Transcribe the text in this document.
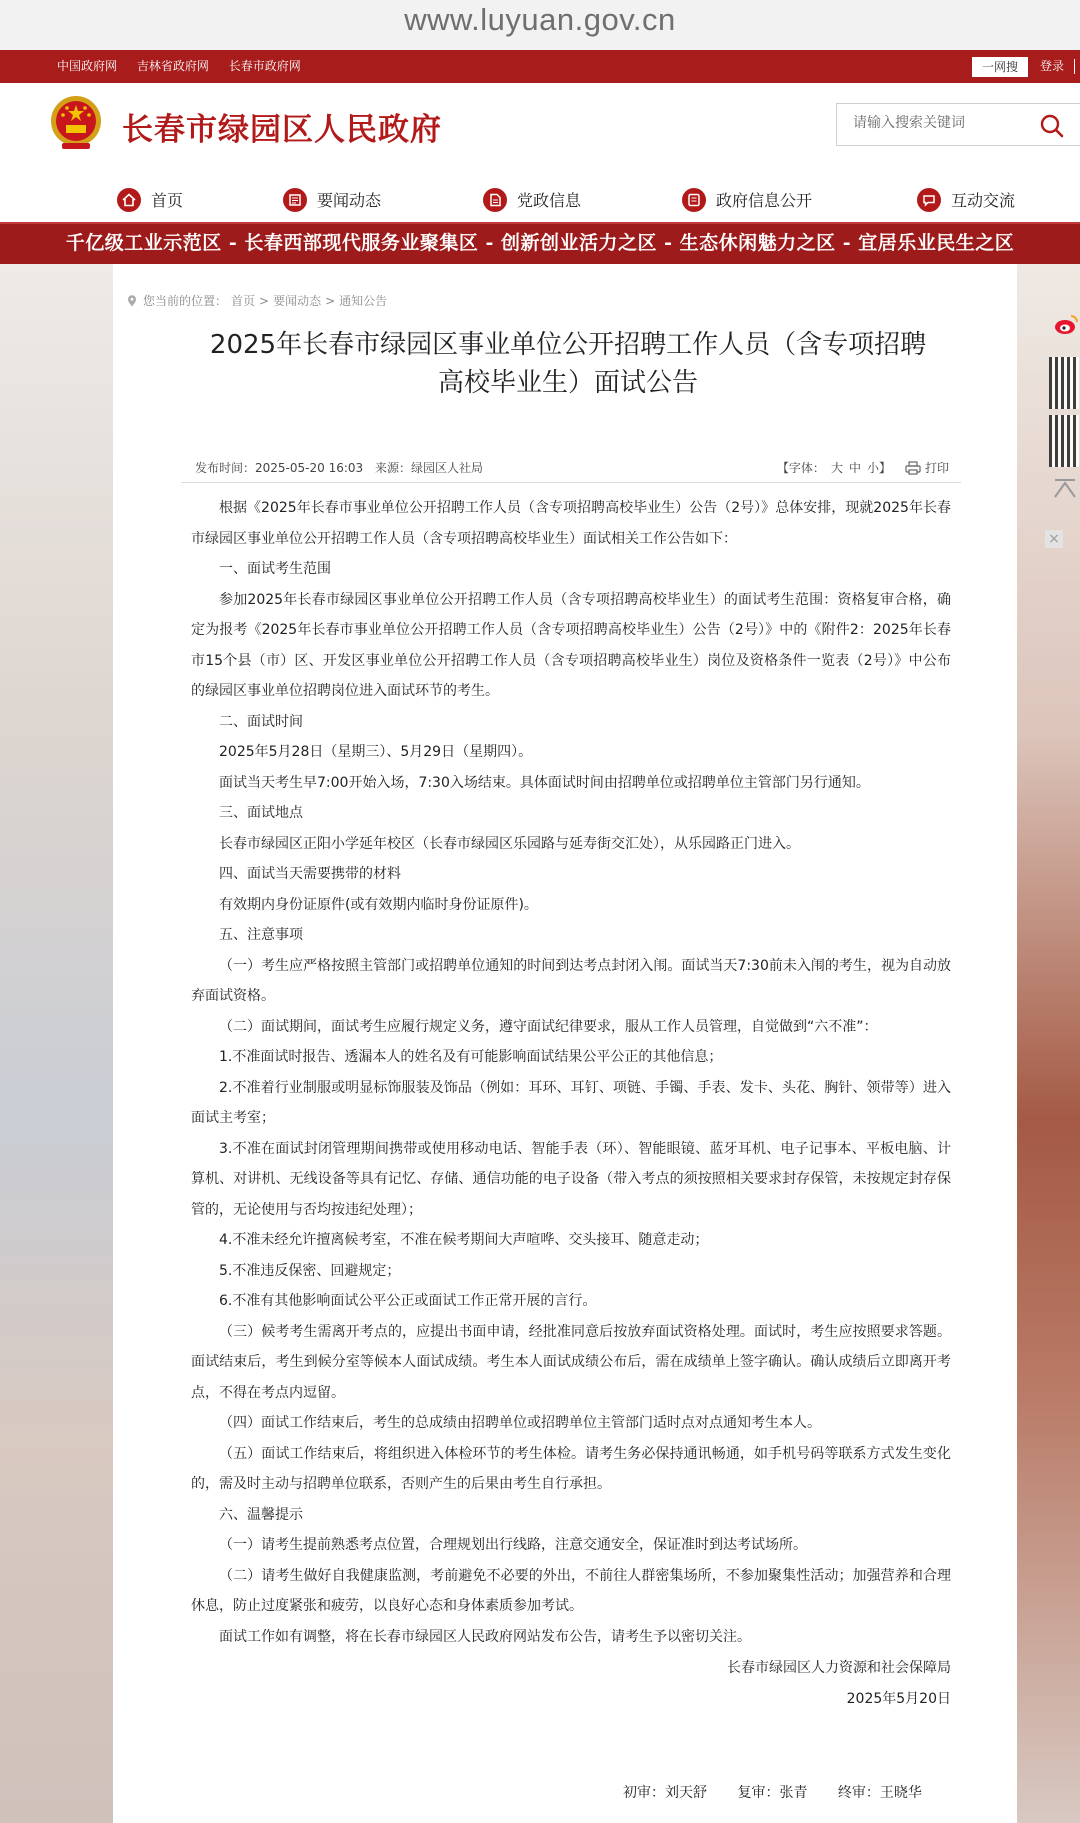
www.luyuan.gov.cn
中国政府网 吉林省政府网 长春市政府网	一网搜	登录
长春市绿园区人民政府
请输入搜索关键词
首页	要闻动态	党政信息	政府信息公开	互动交流
千亿级工业示范区 - 长春西部现代服务业聚集区 - 创新创业活力之区 - 生态休闲魅力之区 - 宜居乐业民生之区
您当前的位置： 首页 > 要闻动态 > 通知公告
2025年长春市绿园区事业单位公开招聘工作人员（含专项招聘
高校毕业生）面试公告
发布时间：2025-05-20 16:03 来源：绿园区人社局	【字体： 大 中 小】	打印

根据《2025年长春市事业单位公开招聘工作人员（含专项招聘高校毕业生）公告（2号）》总体安排，现就2025年长春市绿园区事业单位公开招聘工作人员（含专项招聘高校毕业生）面试相关工作公告如下：

一、面试考生范围

参加2025年长春市绿园区事业单位公开招聘工作人员（含专项招聘高校毕业生）的面试考生范围：资格复审合格，确定为报考《2025年长春市事业单位公开招聘工作人员（含专项招聘高校毕业生）公告（2号）》中的《附件2：2025年长春市15个县（市）区、开发区事业单位公开招聘工作人员（含专项招聘高校毕业生）岗位及资格条件一览表（2号）》中公布的绿园区事业单位招聘岗位进入面试环节的考生。

二、面试时间

2025年5月28日（星期三）、5月29日（星期四）。

面试当天考生早7:00开始入场，7:30入场结束。具体面试时间由招聘单位或招聘单位主管部门另行通知。

三、面试地点

长春市绿园区正阳小学延年校区（长春市绿园区乐园路与延寿街交汇处），从乐园路正门进入。

四、面试当天需要携带的材料

有效期内身份证原件(或有效期内临时身份证原件)。

五、注意事项

（一）考生应严格按照主管部门或招聘单位通知的时间到达考点封闭入闱。面试当天7:30前未入闱的考生，视为自动放弃面试资格。

（二）面试期间，面试考生应履行规定义务，遵守面试纪律要求，服从工作人员管理，自觉做到“六不准”：

1.不准面试时报告、透漏本人的姓名及有可能影响面试结果公平公正的其他信息；

2.不准着行业制服或明显标饰服装及饰品（例如：耳环、耳钉、项链、手镯、手表、发卡、头花、胸针、领带等）进入面试主考室；

3.不准在面试封闭管理期间携带或使用移动电话、智能手表（环）、智能眼镜、蓝牙耳机、电子记事本、平板电脑、计算机、对讲机、无线设备等具有记忆、存储、通信功能的电子设备（带入考点的须按照相关要求封存保管，未按规定封存保管的，无论使用与否均按违纪处理）；

4.不准未经允许擅离候考室，不准在候考期间大声喧哗、交头接耳、随意走动；

5.不准违反保密、回避规定；

6.不准有其他影响面试公平公正或面试工作正常开展的言行。

（三）候考考生需离开考点的，应提出书面申请，经批准同意后按放弃面试资格处理。面试时，考生应按照要求答题。面试结束后，考生到候分室等候本人面试成绩。考生本人面试成绩公布后，需在成绩单上签字确认。确认成绩后立即离开考点，不得在考点内逗留。

（四）面试工作结束后，考生的总成绩由招聘单位或招聘单位主管部门适时点对点通知考生本人。

（五）面试工作结束后，将组织进入体检环节的考生体检。请考生务必保持通讯畅通，如手机号码等联系方式发生变化的，需及时主动与招聘单位联系，否则产生的后果由考生自行承担。

六、温馨提示

（一）请考生提前熟悉考点位置，合理规划出行线路，注意交通安全，保证准时到达考试场所。

（二）请考生做好自我健康监测，考前避免不必要的外出，不前往人群密集场所，不参加聚集性活动；加强营养和合理休息，防止过度紧张和疲劳，以良好心态和身体素质参加考试。

面试工作如有调整，将在长春市绿园区人民政府网站发布公告，请考生予以密切关注。

长春市绿园区人力资源和社会保障局
2025年5月20日
初审：刘天舒 复审：张青 终审：王晓华
×
